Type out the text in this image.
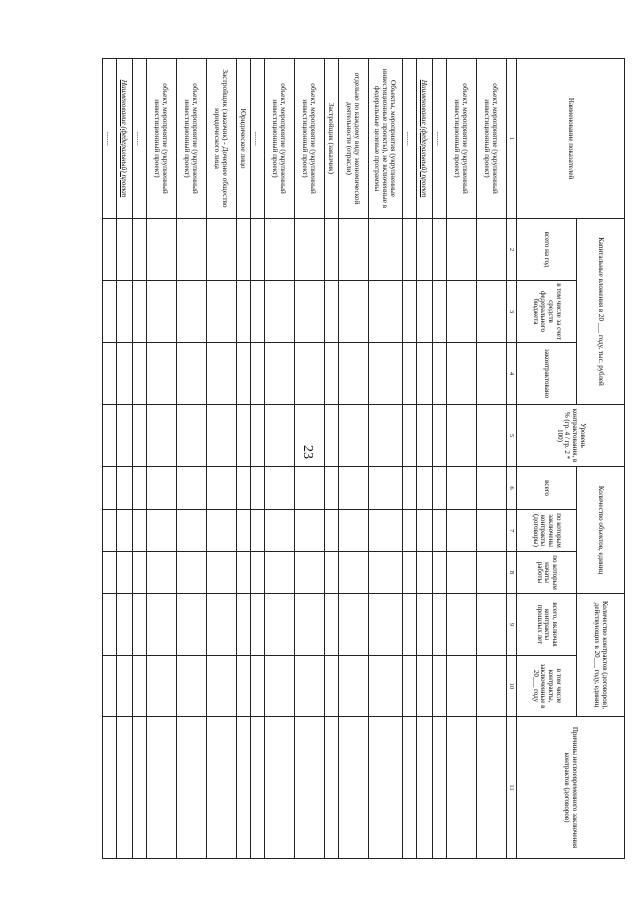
23
Наименование показателей	Капитальные вложения в 20 ___ году, тыс. рублей			Уровень контрактования, в % (гр. 4 / гр. 2 * 100)	Количество объектов, единиц			Количество контрактов (договоров), действующих в 20___ году, единиц		Причины несвоевременного заключения контрактов (договоров)
	всего на год	в том числе за счет средств федерального бюджета	законтрактовано		всего	по которым заключены контракты (договоры)	по которым начаты работы	всего, включая контракты прошлых лет	в том числе контракты, заключенные в 20___ году	
1	2	3	4	5	6	7	8	9	10	11
объект, мероприятие (укрупненный инвестиционный проект)										
объект, мероприятие (укрупненный инвестиционный проект)										
........										
Наименование (федеральный) проект										
........										
Объекты, мероприятия (укрупненные инвестиционные проекты), не включенные в федеральные целевые программы										
отдельно по каждому виду экономической деятельности (отрасли)										
Застройщик (заказчик)										
объект, мероприятие (укрупненный инвестиционный проект)										
объект, мероприятие (укрупненный инвестиционный проект)										
........										
Юридическое лицо										
Застройщик (заказчик) - Дочернее общество юридического лица										
объект, мероприятие (укрупненный инвестиционный проект)										
объект, мероприятие (укрупненный инвестиционный проект)										
........										
Наименование (федеральный) проект										
........										
